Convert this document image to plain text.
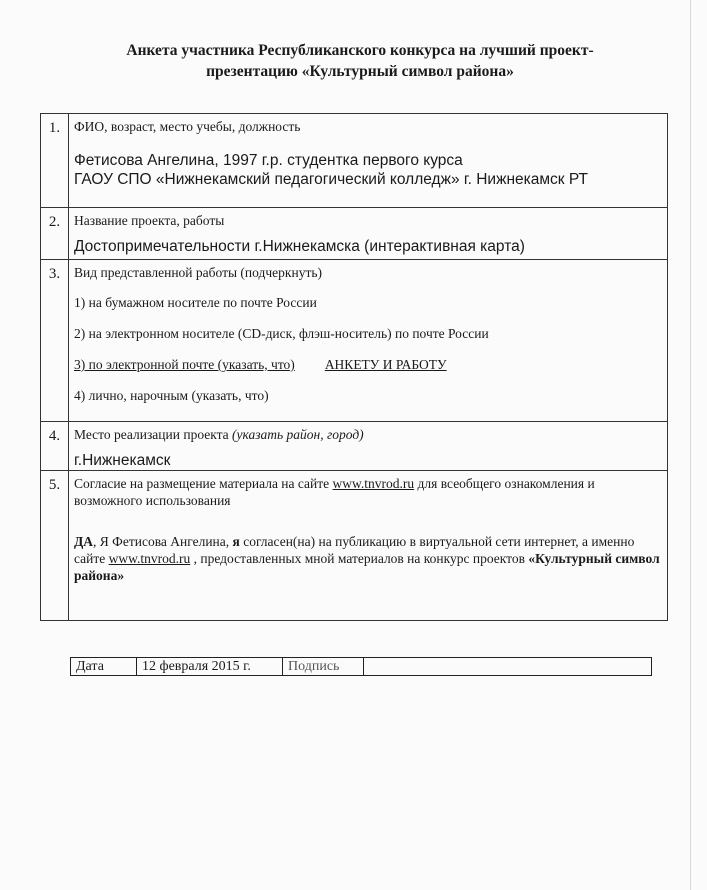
Анкета участника Республиканского конкурса на лучший проект-
презентацию «Культурный символ района»
1.	ФИО, возраст, место учебы, должность
Фетисова Ангелина, 1997 г.р. студентка первого курса
ГАОУ СПО «Нижнекамский педагогический колледж» г. Нижнекамск РТ

2.	Название проекта, работы
Достопримечательности г.Нижнекамска (интерактивная карта)

3.	Вид представленной работы (подчеркнуть)
1) на бумажном носителе по почте России
2) на электронном носителе (CD-диск, флэш-носитель) по почте России
3) по электронной почте (указать, что) АНКЕТУ И РАБОТУ
4) лично, нарочным (указать, что)

4.	Место реализации проекта (указать район, город)
г.Нижнекамск

5.	Согласие на размещение материала на сайте www.tnvrod.ru для всеобщего ознакомления и возможного использования
ДА, Я Фетисова Ангелина, я согласен(на) на публикацию в виртуальной сети интернет, а именно сайте www.tnvrod.ru , предоставленных мной материалов на конкурс проектов «Культурный символ района»
Дата	12 февраля 2015 г.	Подпись	
